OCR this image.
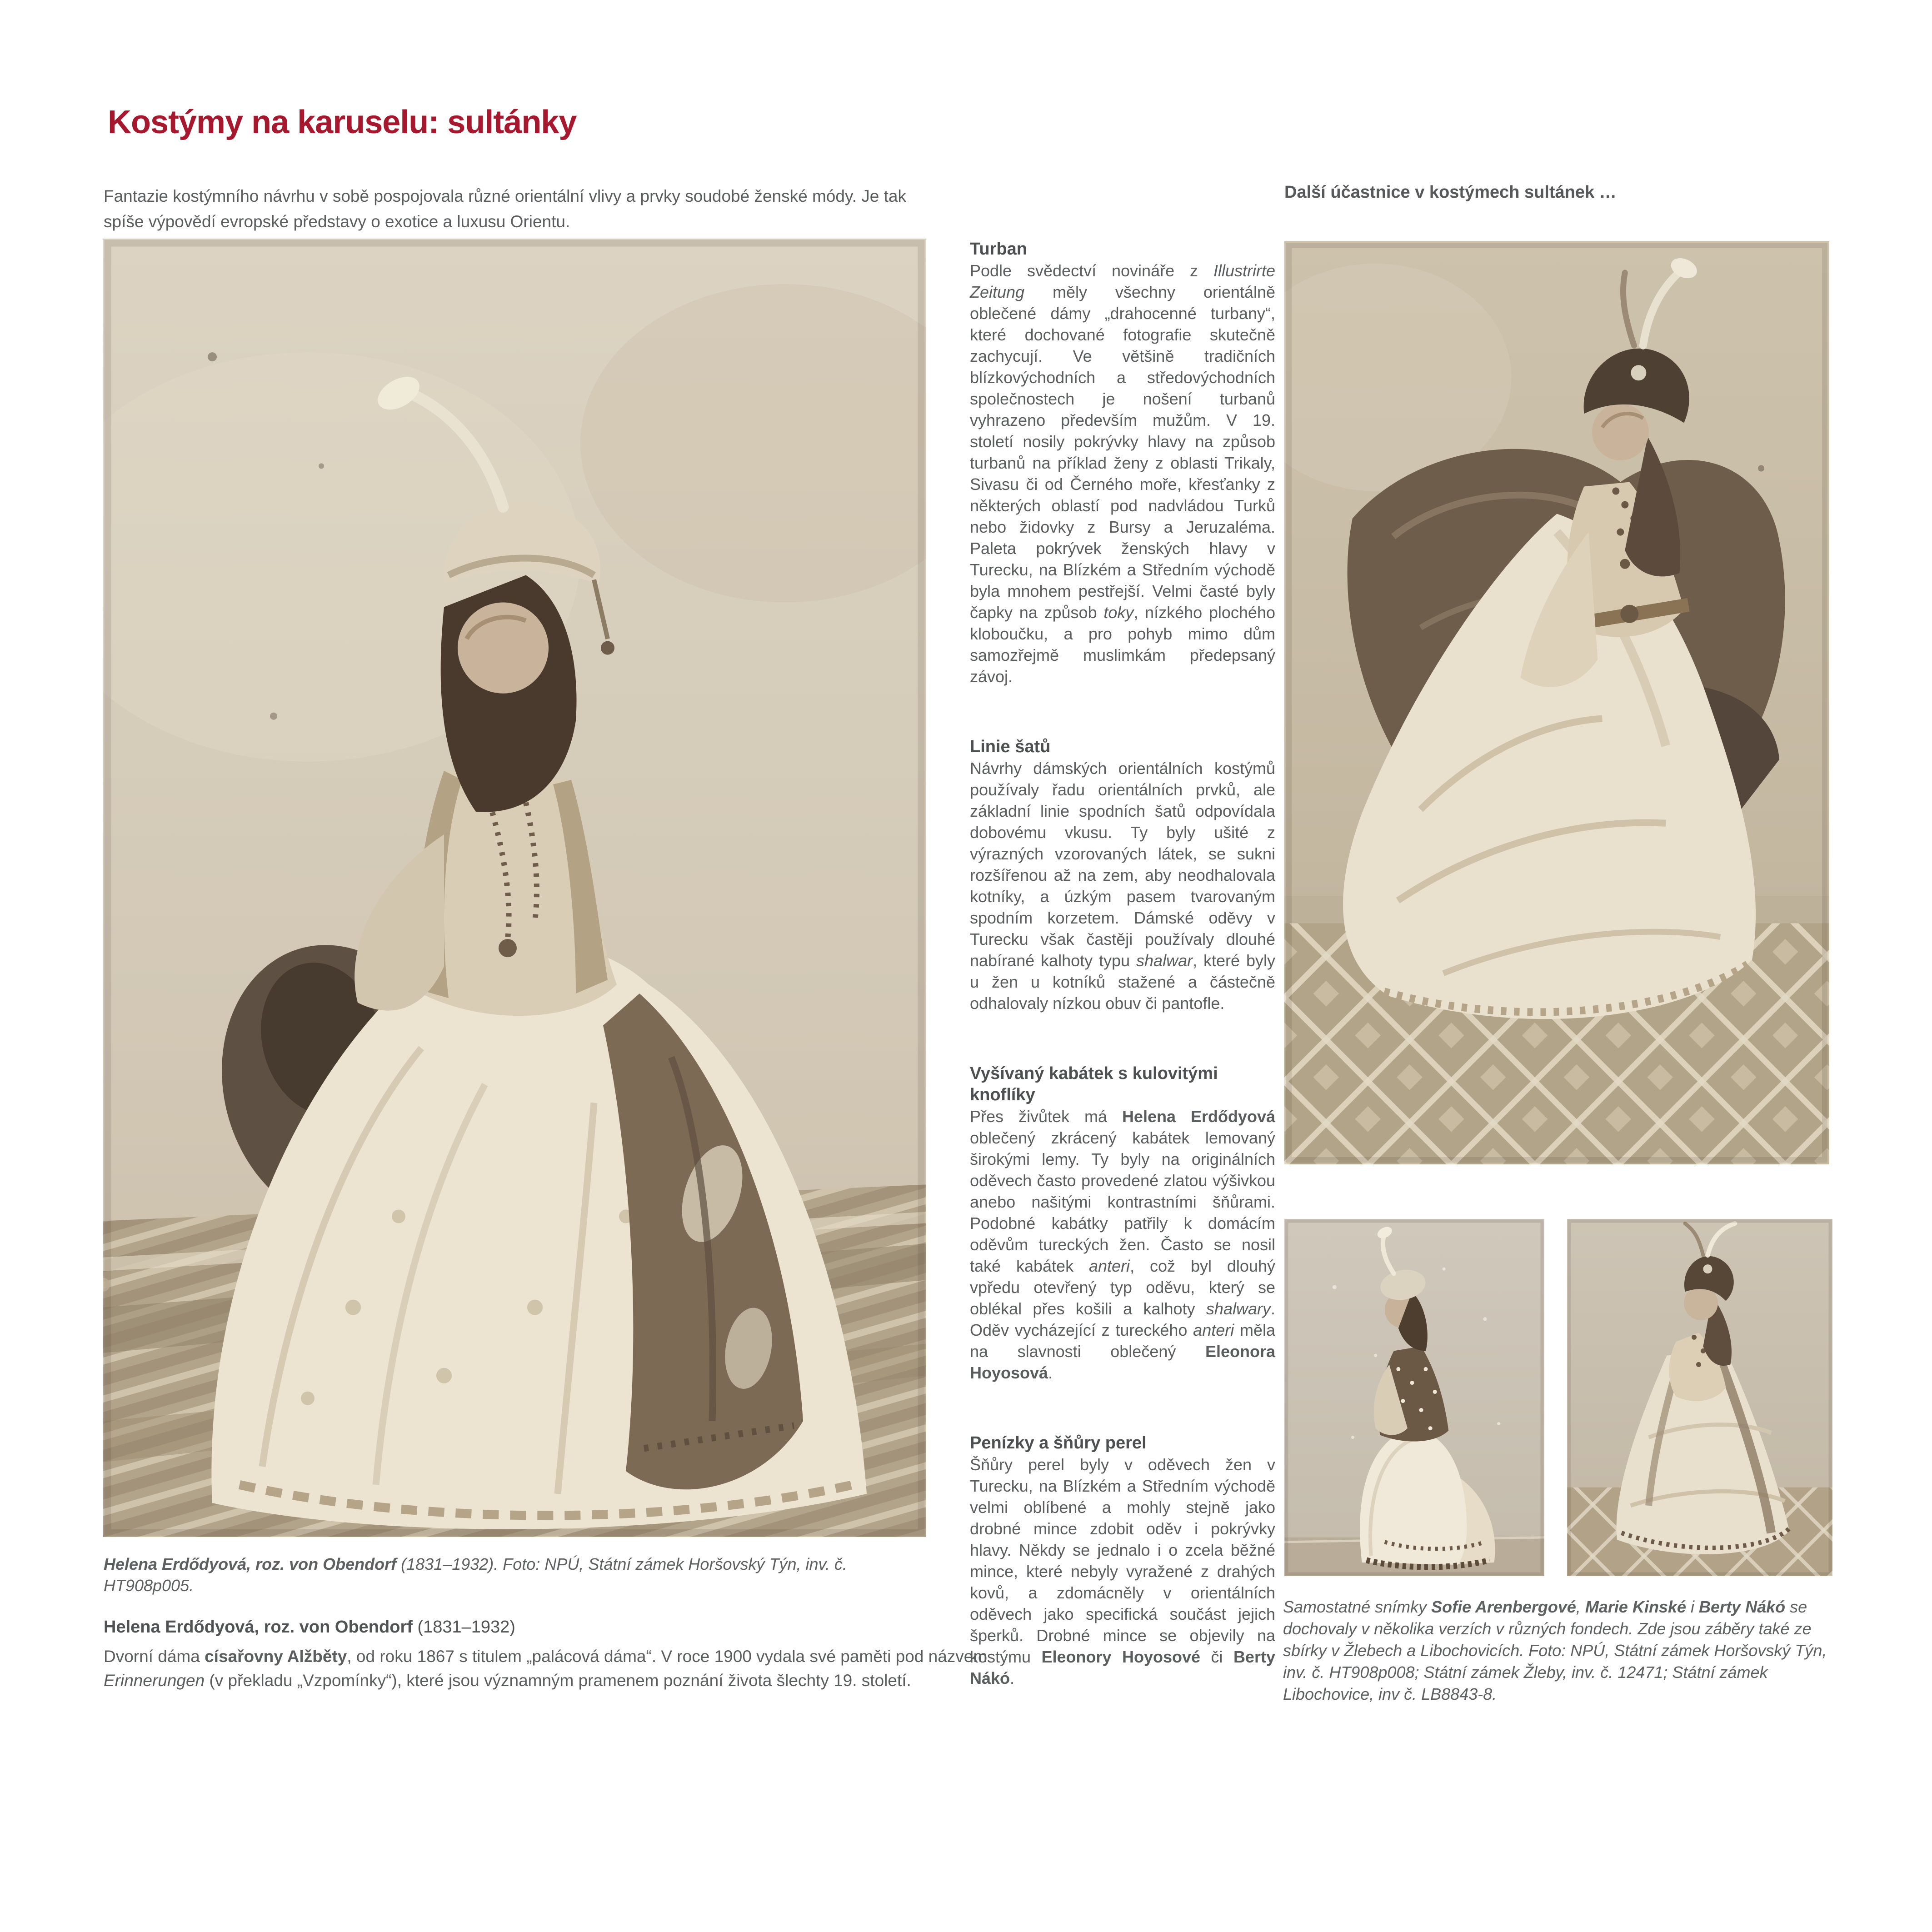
Kostýmy na karuselu: sultánky

Fantazie kostýmního návrhu v sobě pospojovala různé orientální vlivy a prvky soudobé ženské módy. Je tak spíše výpovědí evropské představy o exotice a luxusu Orientu.

Další účastnice v kostýmech sultánek …
Turban

Podle svědectví novináře z Illustrirte Zeitung měly všechny orientálně oblečené dámy „drahocenné turbany“, které dochované fotografie skutečně zachycují. Ve většině tradičních blízkovýchodních a středovýchodních společnostech je nošení turbanů vyhrazeno především mužům. V 19. století nosily pokrývky hlavy na způsob turbanů na příklad ženy z oblasti Trikaly, Sivasu či od Černého moře, křesťanky z některých oblastí pod nadvládou Turků nebo židovky z Bursy a Jeruzaléma. Paleta pokrývek ženských hlavy v Turecku, na Blízkém a Středním východě byla mnohem pestřejší. Velmi časté byly čapky na způsob toky, nízkého plochého kloboučku, a pro pohyb mimo dům samozřejmě muslimkám předepsaný závoj.

Linie šatů

Návrhy dámských orientálních kostýmů používaly řadu orientálních prvků, ale základní linie spodních šatů odpovídala dobovému vkusu. Ty byly ušité z výrazných vzorovaných látek, se sukni rozšířenou až na zem, aby neodhalovala kotníky, a úzkým pasem tvarovaným spodním korzetem. Dámské oděvy v Turecku však častěji používaly dlouhé nabírané kalhoty typu shalwar, které byly u žen u kotníků stažené a částečně odhalovaly nízkou obuv či pantofle.

Vyšívaný kabátek s kulovitými knoflíky

Přes živůtek má Helena Erdődyová oblečený zkrácený kabátek lemovaný širokými lemy. Ty byly na originálních oděvech často provedené zlatou výšivkou anebo našitými kontrastními šňůrami. Podobné kabátky patřily k domácím oděvům tureckých žen. Často se nosil také kabátek anteri, což byl dlouhý vpředu otevřený typ oděvu, který se oblékal přes košili a kalhoty shalwary. Oděv vycházející z tureckého anteri měla na slavnosti oblečený Eleonora Hoyosová.

Penízky a šňůry perel

Šňůry perel byly v oděvech žen v Turecku, na Blízkém a Středním východě velmi oblíbené a mohly stejně jako drobné mince zdobit oděv i pokrývky hlavy. Někdy se jednalo i o zcela běžné mince, které nebyly vyražené z drahých kovů, a zdomácněly v orientálních oděvech jako specifická součást jejich šperků. Drobné mince se objevily na kostýmu Eleonory Hoyosové či Berty Nákó.

Helena Erdődyová, roz. von Obendorf (1831–1932). Foto: NPÚ, Státní zámek Horšovský Týn, inv. č. HT908p005.

Helena Erdődyová, roz. von Obendorf (1831–1932)

Dvorní dáma císařovny Alžběty, od roku 1867 s titulem „palácová dáma“. V roce 1900 vydala své paměti pod názvem Erinnerungen (v překladu „Vzpomínky“), které jsou významným pramenem poznání života šlechty 19. století.

Samostatné snímky Sofie Arenbergové, Marie Kinské i Berty Nákó se dochovaly v několika verzích v různých fondech. Zde jsou záběry také ze sbírky v Žlebech a Libochovicích. Foto: NPÚ, Státní zámek Horšovský Týn, inv. č. HT908p008; Státní zámek Žleby, inv. č. 12471; Státní zámek Libochovice, inv č. LB8843-8.
